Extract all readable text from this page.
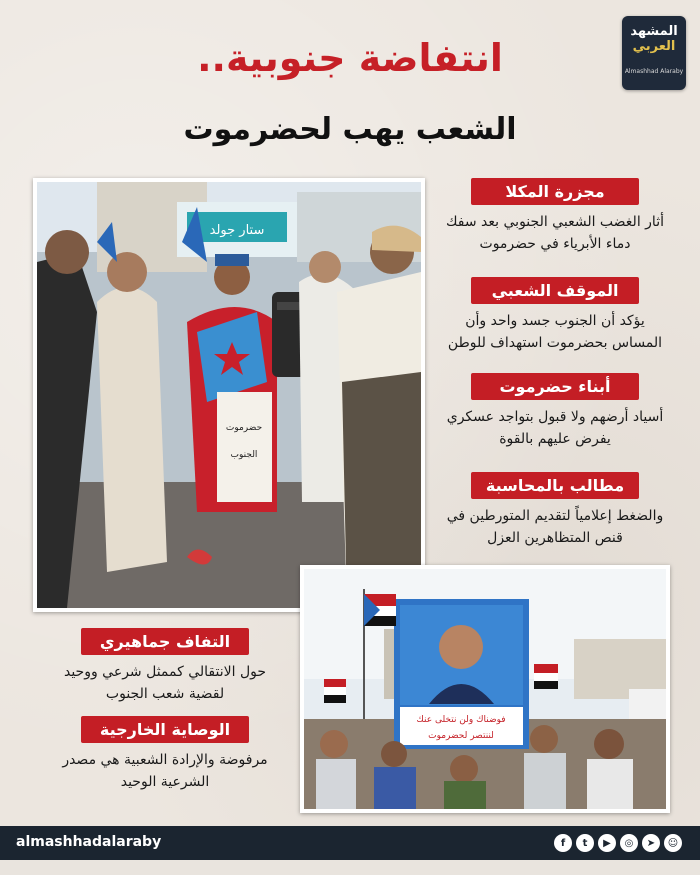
المشهد
العربي
Almashhad Alaraby
انتفاضة جنوبية..
الشعب يهب لحضرموت
ستار جولد
حضرموت
الجنوب
مجزرة المكلا
أثار الغضب الشعبي الجنوبي بعد سفك دماء الأبرياء في حضرموت
الموقف الشعبي
يؤكد أن الجنوب جسد واحد وأن المساس بحضرموت استهداف للوطن
أبناء حضرموت
أسياد أرضهم ولا قبول بتواجد عسكري يفرض عليهم بالقوة
مطالب بالمحاسبة
والضغط إعلامياً لتقديم المتورطين في قنص المتظاهرين العزل
التفاف جماهيري
حول الانتقالي كممثل شرعي ووحيد لقضية شعب الجنوب
الوصاية الخارجية
مرفوضة والإرادة الشعبية هي مصدر الشرعية الوحيد
فوضناك ولن نتخلى عنك
لننتصر لحضرموت
almashhadalaraby	f	t	▶	◎	➤	☺
